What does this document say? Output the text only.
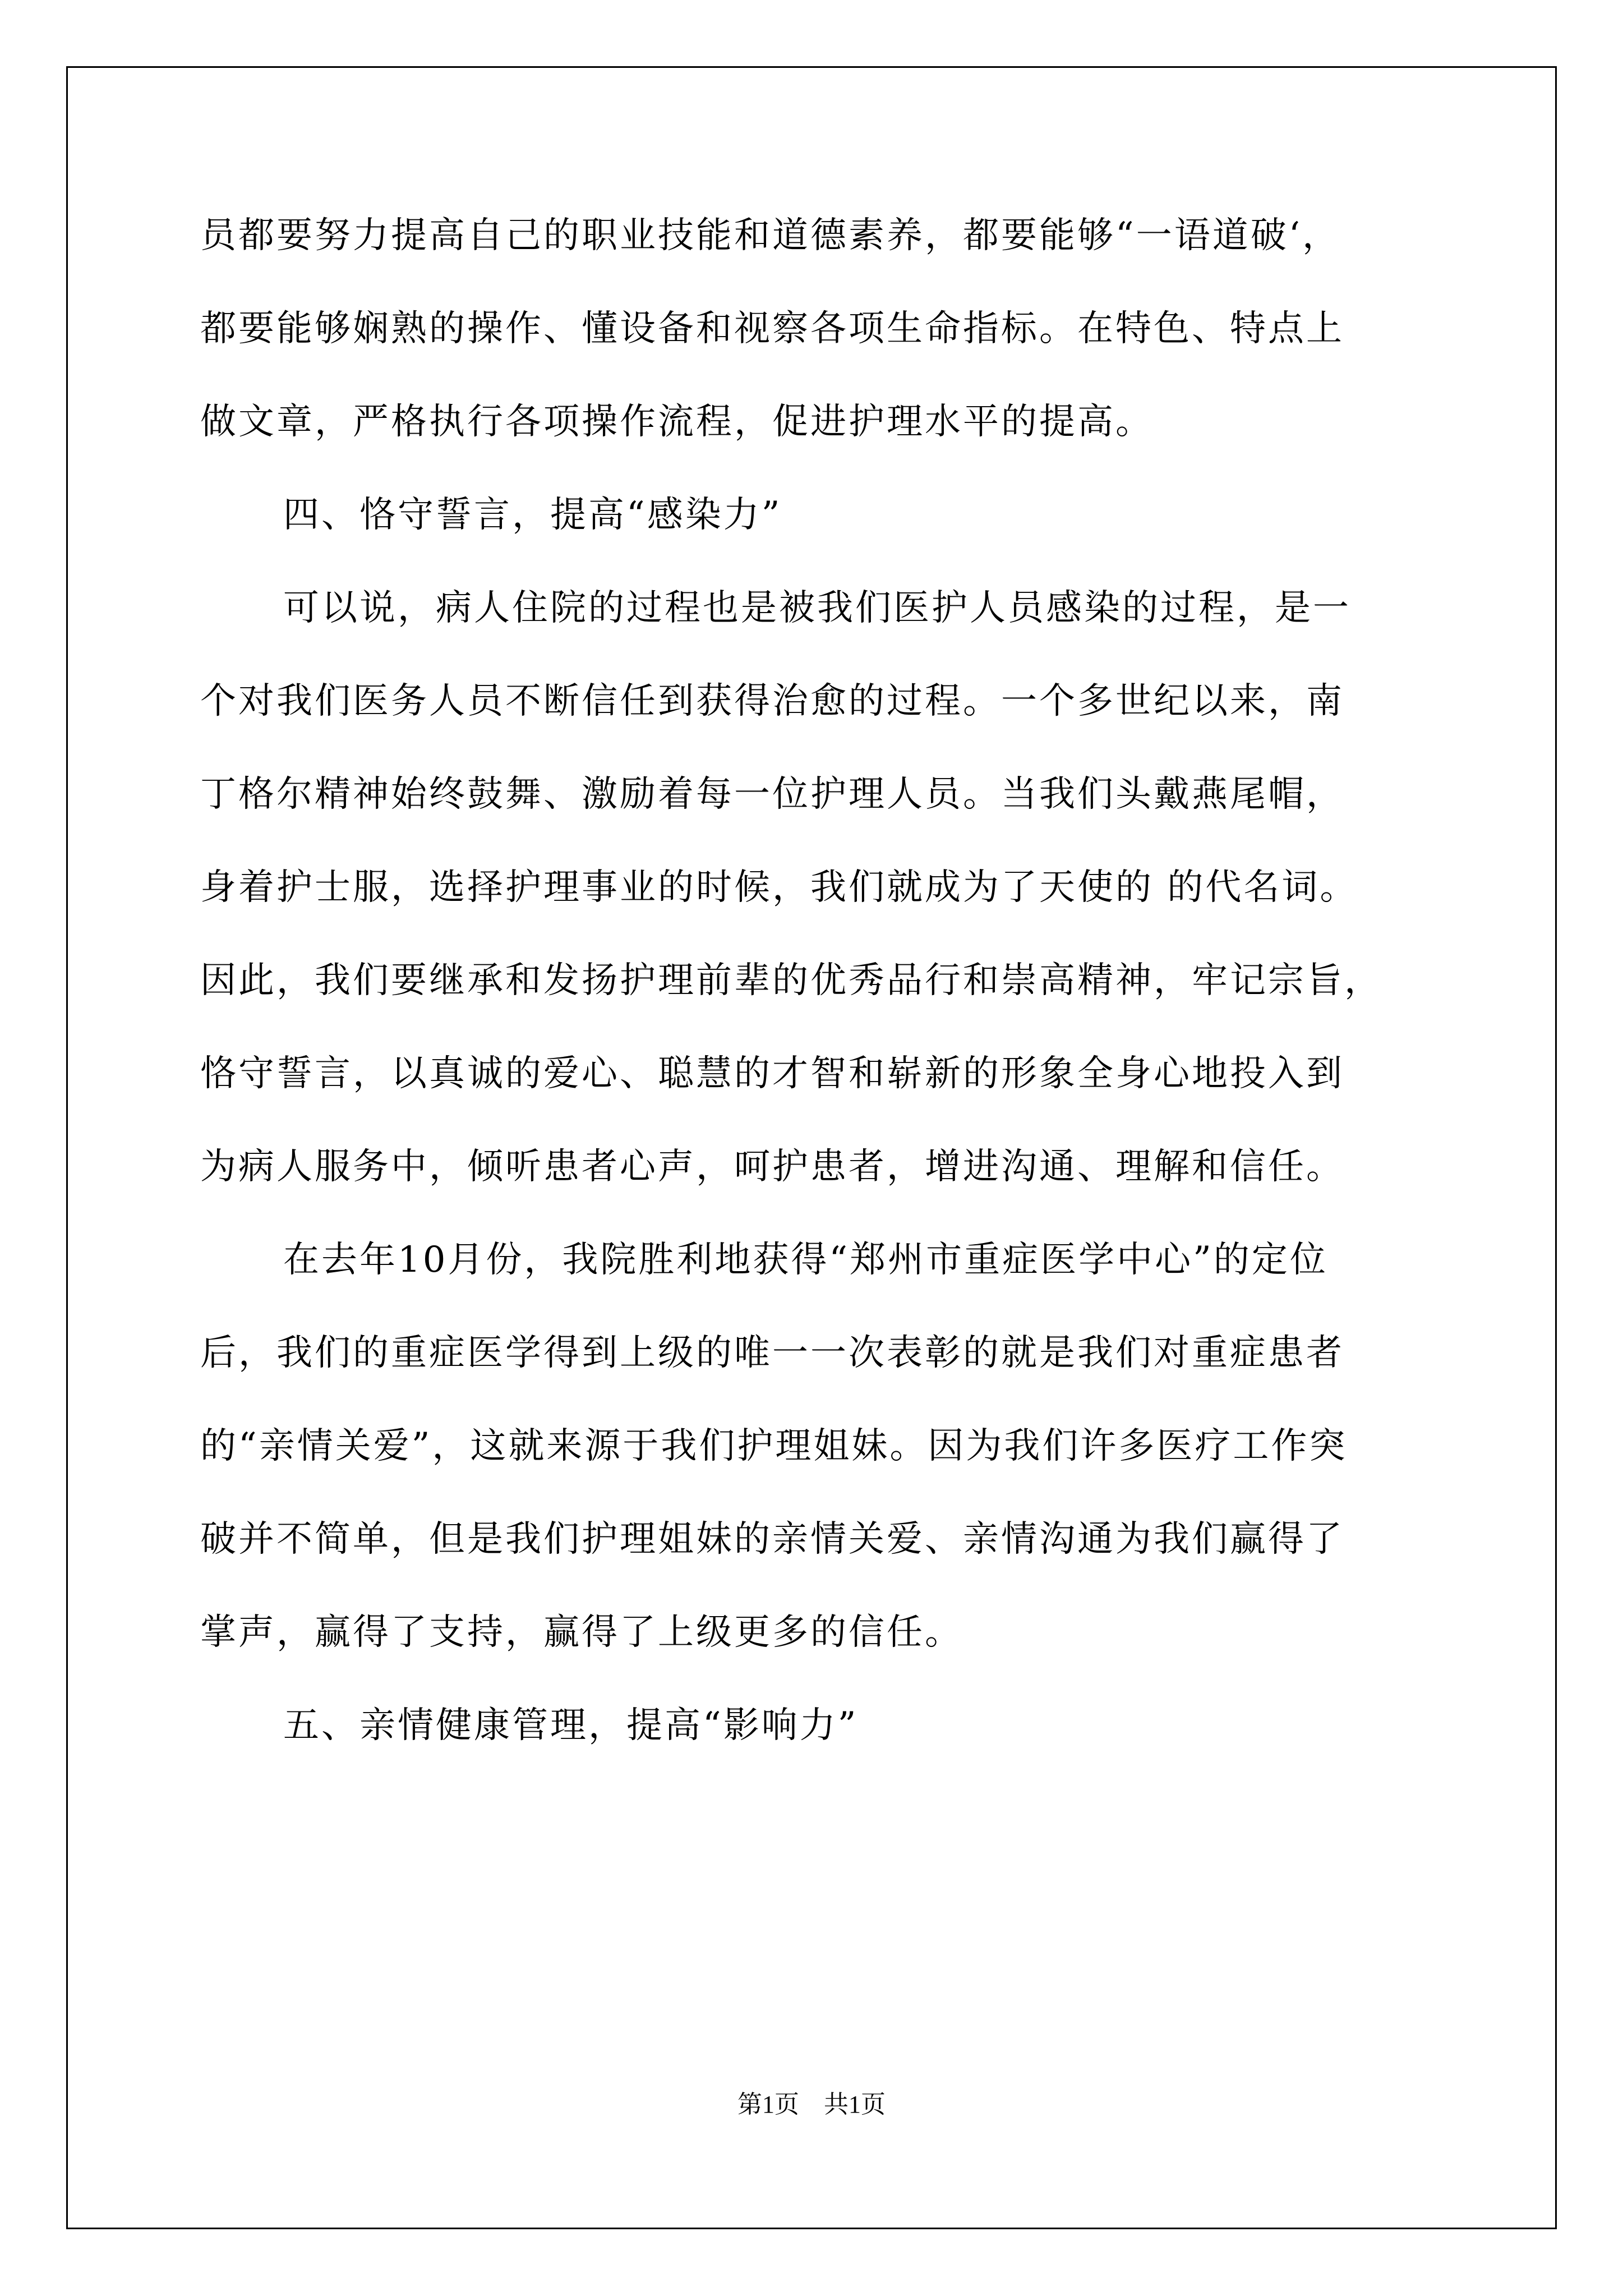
员都要努力提高自己的职业技能和道德素养，都要能够“一语道破‘，
都要能够娴熟的操作、懂设备和视察各项生命指标。在特色、特点上
做文章，严格执行各项操作流程，促进护理水平的提高。
四、恪守誓言，提高“感染力”
可以说，病人住院的过程也是被我们医护人员感染的过程，是一
个对我们医务人员不断信任到获得治愈的过程。一个多世纪以来，南
丁格尔精神始终鼓舞、激励着每一位护理人员。当我们头戴燕尾帽，
身着护士服，选择护理事业的时候，我们就成为了天使的 的代名词。
因此，我们要继承和发扬护理前辈的优秀品行和崇高精神，牢记宗旨，
恪守誓言，以真诚的爱心、聪慧的才智和崭新的形象全身心地投入到
为病人服务中，倾听患者心声，呵护患者，增进沟通、理解和信任。
在去年10月份，我院胜利地获得“郑州市重症医学中心”的定位
后，我们的重症医学得到上级的唯一一次表彰的就是我们对重症患者
的“亲情关爱”，这就来源于我们护理姐妹。因为我们许多医疗工作突
破并不简单，但是我们护理姐妹的亲情关爱、亲情沟通为我们赢得了
掌声，赢得了支持，赢得了上级更多的信任。
五、亲情健康管理，提高“影响力”
第1页　共1页
